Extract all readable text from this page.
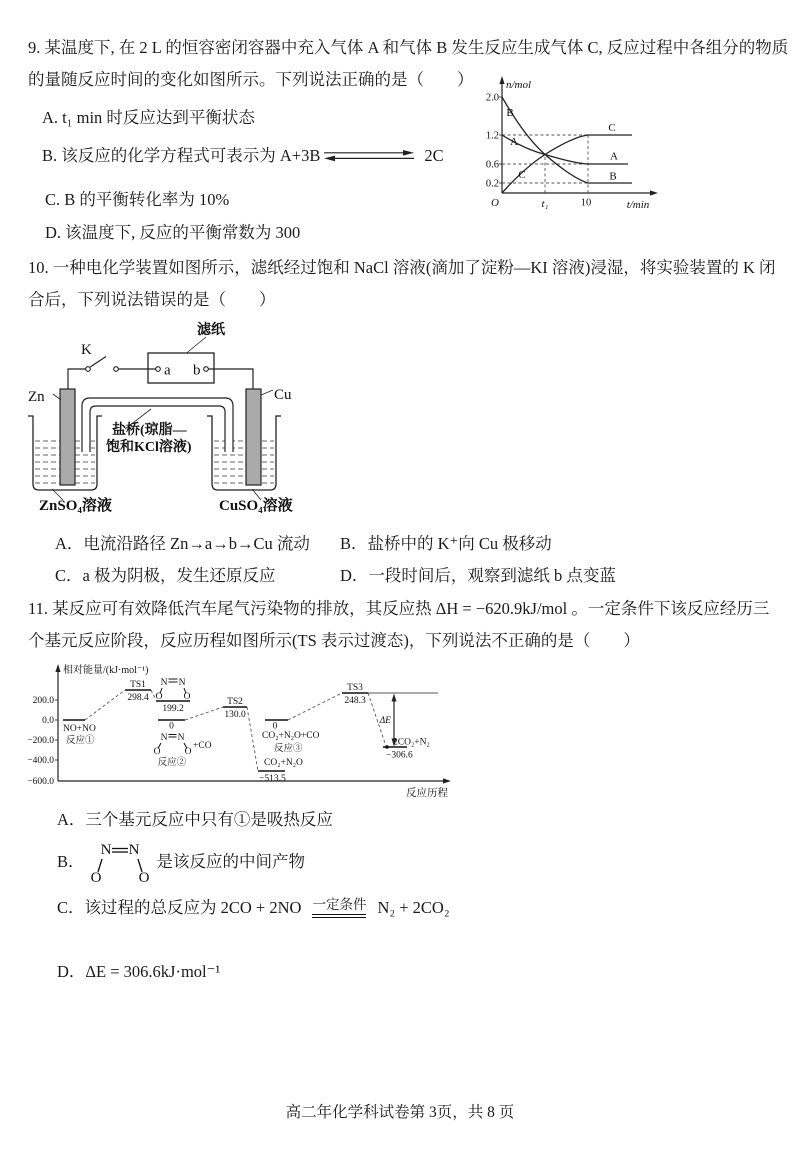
9. 某温度下, 在 2 L 的恒容密闭容器中充入气体 A 和气体 B 发生反应生成气体 C, 反应过程中各组分的物质
的量随反应时间的变化如图所示。下列说法正确的是（　　）
A. t₁ min 时反应达到平衡状态
B. 该反应的化学方程式可表示为 A+3B	2C
C. B 的平衡转化率为 10%
D. 该温度下, 反应的平衡常数为 300
n/mol
2.0
1.2
0.6
0.2
B
A
C
C
A
B
O	t₁	10	t/min
10. 一种电化学装置如图所示，滤纸经过饱和 NaCl 溶液(滴加了淀粉—KI 溶液)浸湿，将实验装置的 K 闭
合后，下列说法错误的是（　　）
K
a b
滤纸
Zn	Cu
盐桥(琼脂—
饱和KCl溶液)
ZnSO₄溶液	CuSO₄溶液
A．电流沿路径 Zn→a→b→Cu 流动 B．盐桥中的 K⁺向 Cu 极移动
C．a 极为阴极，发生还原反应	D．一段时间后，观察到滤纸 b 点变蓝
11. 某反应可有效降低汽车尾气污染物的排放，其反应热 ΔH = −620.9kJ/mol 。一定条件下该反应经历三
个基元反应阶段，反应历程如图所示(TS 表示过渡态)，下列说法不正确的是（　　）
相对能量/(kJ·mol⁻¹)
反应历程
200.0
0.0
−200.0
−400.0
−600.0
ΔE
NO+NO
反应①
TS1
298.4
N N
O O
199.2
0
N N
O	O
+CO
反应②
TS2
130.0
0
CO₂+N₂O+CO
反应③
CO₂+N₂O
−513.5
TS3
248.3
2CO₂+N₂
−306.6
A．三个基元反应中只有①是吸热反应
B．
N N
O O
是该反应的中间产物
C．该过程的总反应为 2CO + 2NO 一定条件 N₂ + 2CO₂
D．ΔE = 306.6kJ·mol⁻¹
高二年化学科试卷第 3页，共 8 页
